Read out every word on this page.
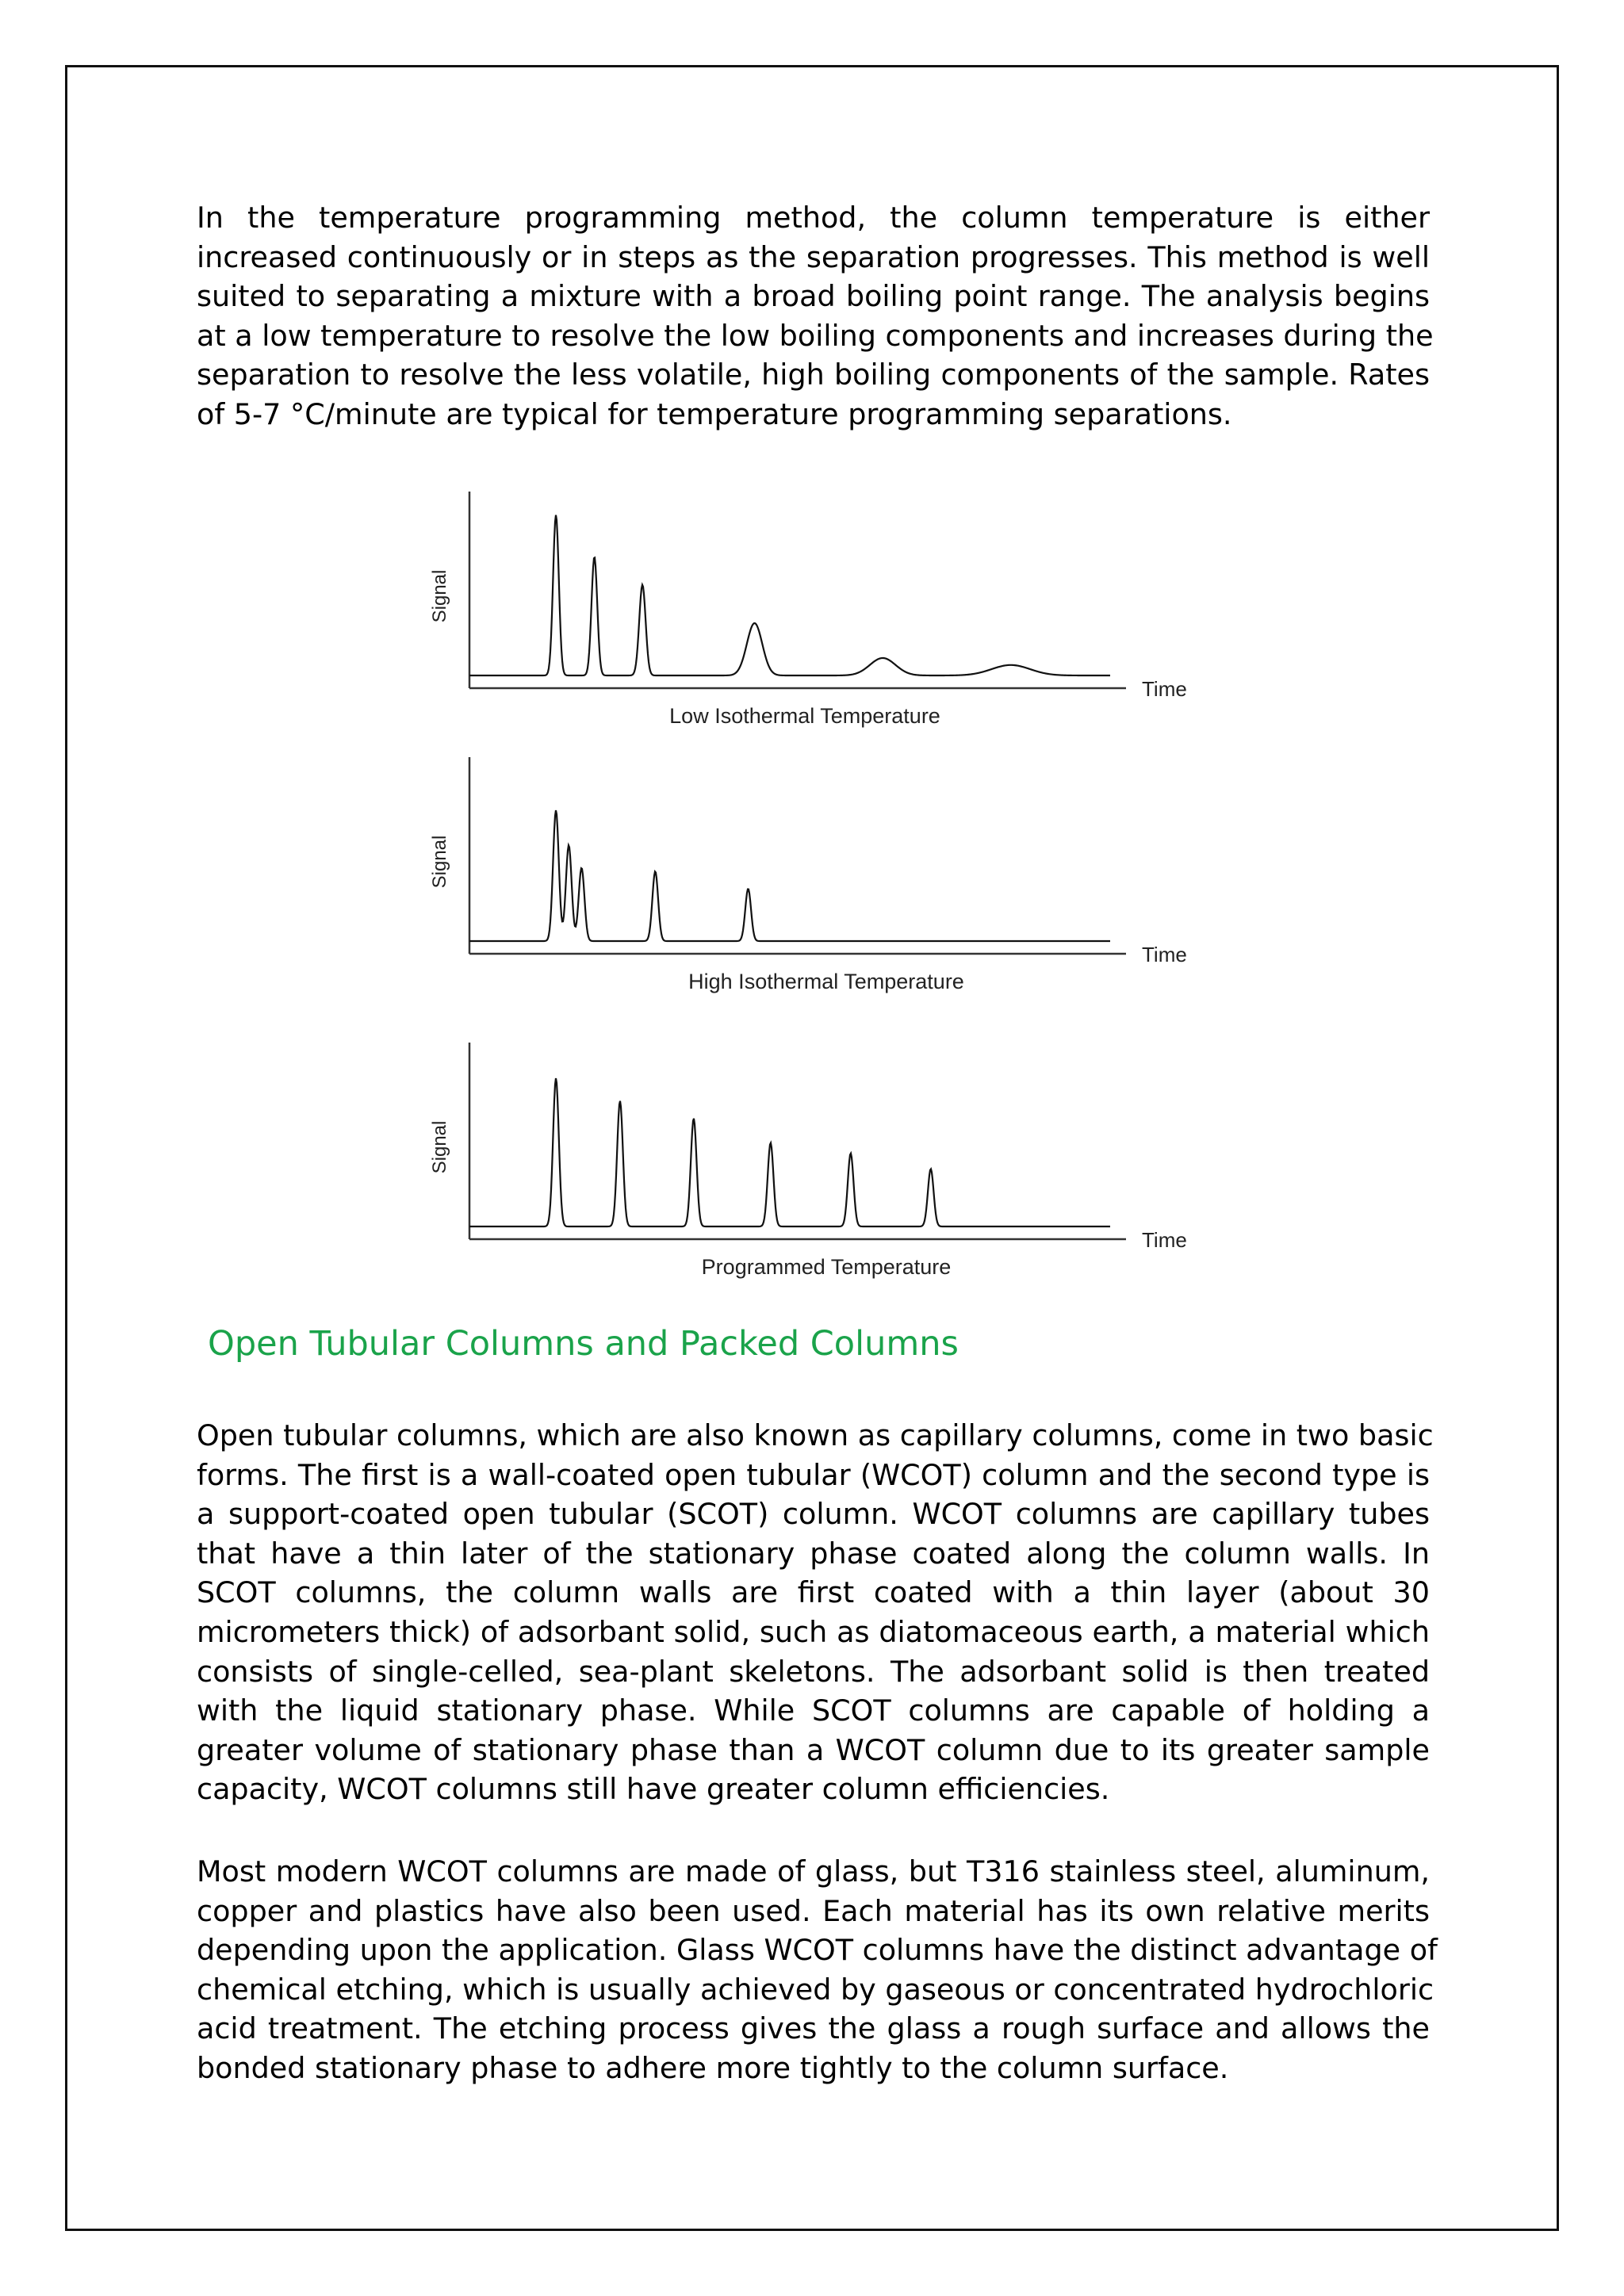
In the temperature programming method, the column temperature is either
increased continuously or in steps as the separation progresses. This method is well
suited to separating a mixture with a broad boiling point range. The analysis begins
at a low temperature to resolve the low boiling components and increases during the
separation to resolve the less volatile, high boiling components of the sample. Rates
of 5-7 °C/minute are typical for temperature programming separations.
Signal
Time
Low Isothermal Temperature
Signal
Time
High Isothermal Temperature
Signal
Time
Programmed Temperature
Open Tubular Columns and Packed Columns
Open tubular columns, which are also known as capillary columns, come in two basic
forms. The first is a wall-coated open tubular (WCOT) column and the second type is
a support-coated open tubular (SCOT) column. WCOT columns are capillary tubes
that have a thin later of the stationary phase coated along the column walls. In
SCOT columns, the column walls are first coated with a thin layer (about 30
micrometers thick) of adsorbant solid, such as diatomaceous earth, a material which
consists of single-celled, sea-plant skeletons. The adsorbant solid is then treated
with the liquid stationary phase. While SCOT columns are capable of holding a
greater volume of stationary phase than a WCOT column due to its greater sample
capacity, WCOT columns still have greater column efficiencies.
Most modern WCOT columns are made of glass, but T316 stainless steel, aluminum,
copper and plastics have also been used. Each material has its own relative merits
depending upon the application. Glass WCOT columns have the distinct advantage of
chemical etching, which is usually achieved by gaseous or concentrated hydrochloric
acid treatment. The etching process gives the glass a rough surface and allows the
bonded stationary phase to adhere more tightly to the column surface.
